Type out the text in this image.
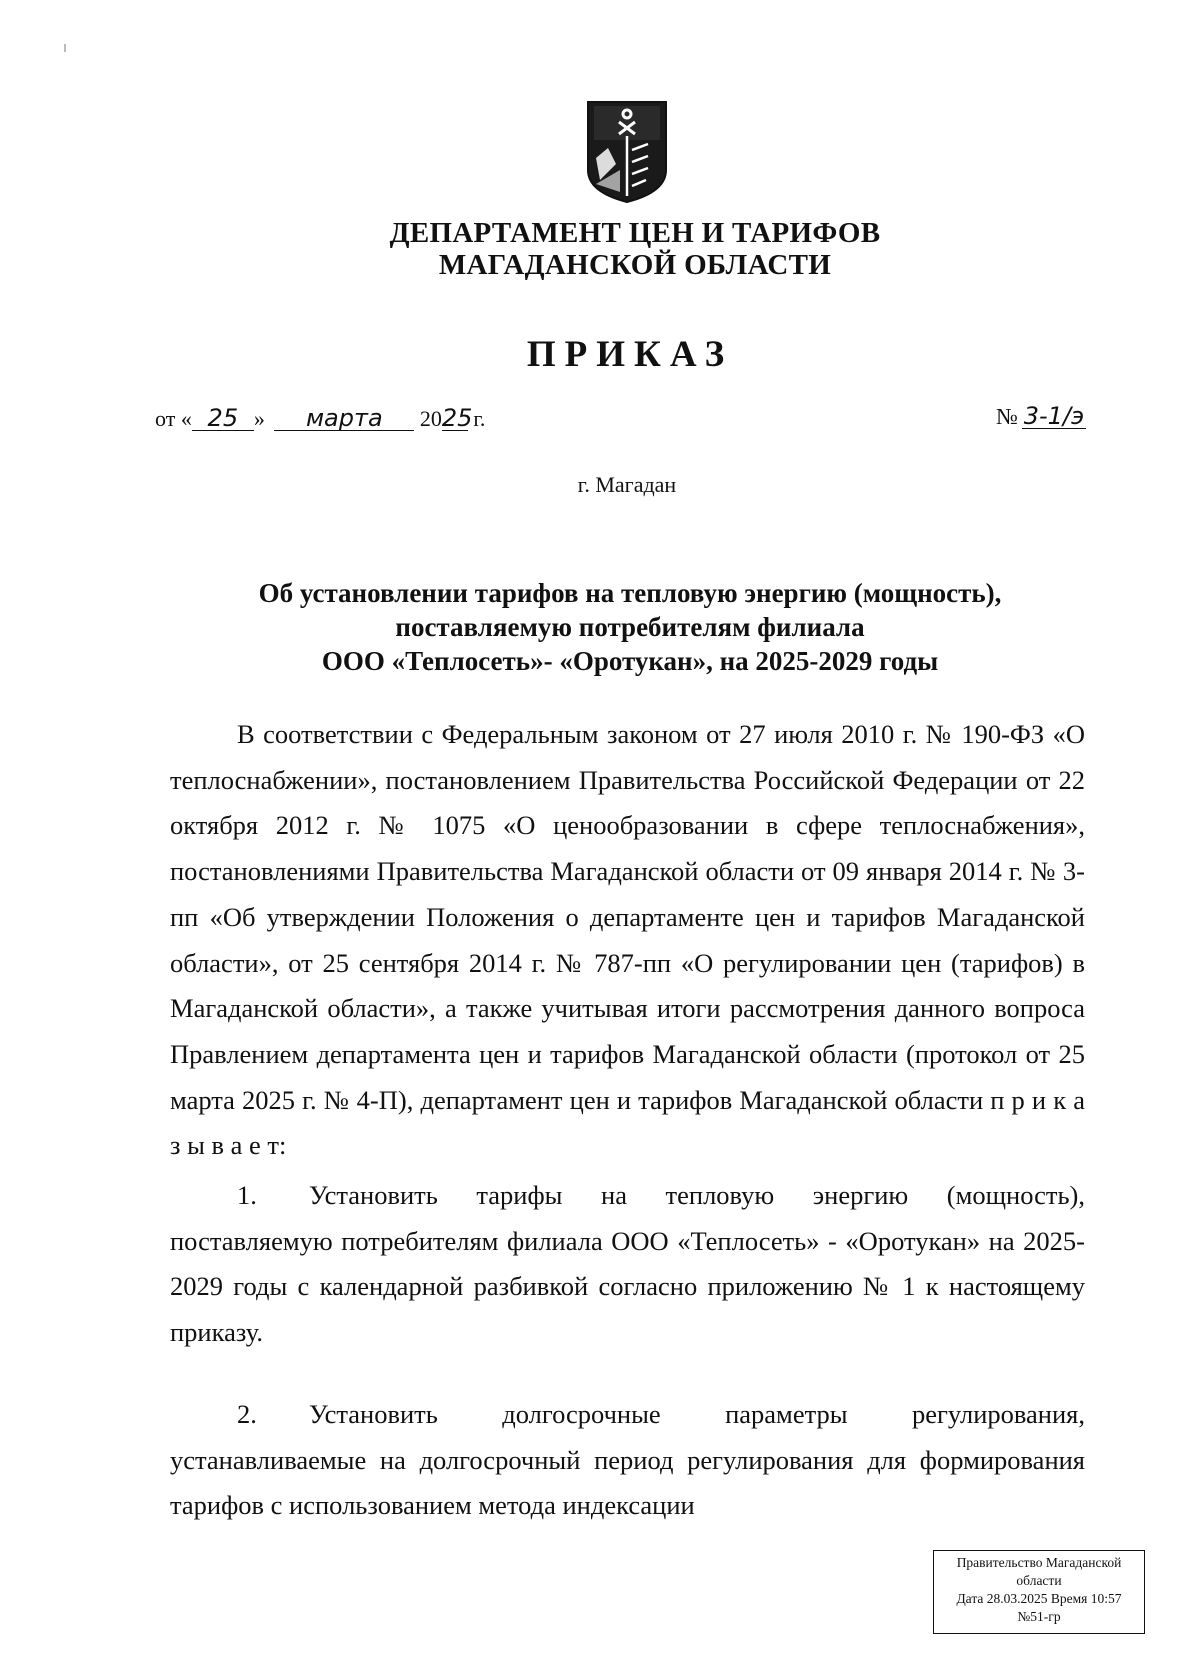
ДЕПАРТАМЕНТ ЦЕН И ТАРИФОВ
МАГАДАНСКОЙ ОБЛАСТИ
ПРИКАЗ
от « 25 » марта 2025 г.	№ 3-1/э
г. Магадан
Об установлении тарифов на тепловую энергию (мощность),
поставляемую потребителям филиала
ООО «Теплосеть»- «Оротукан», на 2025-2029 годы
В соответствии с Федеральным законом от 27 июля 2010 г. № 190-ФЗ «О теплоснабжении», постановлением Правительства Российской Федерации от 22 октября 2012 г. № 1075 «О ценообразовании в сфере теплоснабжения», постановлениями Правительства Магаданской области от 09 января 2014 г. № 3-пп «Об утверждении Положения о департаменте цен и тарифов Магаданской области», от 25 сентября 2014 г. № 787-пп «О регулировании цен (тарифов) в Магаданской области», а также учитывая итоги рассмотрения данного вопроса Правлением департамента цен и тарифов Магаданской области (протокол от 25 марта 2025 г. № 4-П), департамент цен и тарифов Магаданской области п р и к а з ы в а е т:
1. Установить тарифы на тепловую энергию (мощность), поставляемую потребителям филиала ООО «Теплосеть» - «Оротукан» на 2025-2029 годы с календарной разбивкой согласно приложению № 1 к настоящему приказу.
2. Установить долгосрочные параметры регулирования, устанавливаемые на долгосрочный период регулирования для формирования тарифов с использованием метода индексации
Правительство Магаданской
области
Дата 28.03.2025 Время 10:57
№51-гр
